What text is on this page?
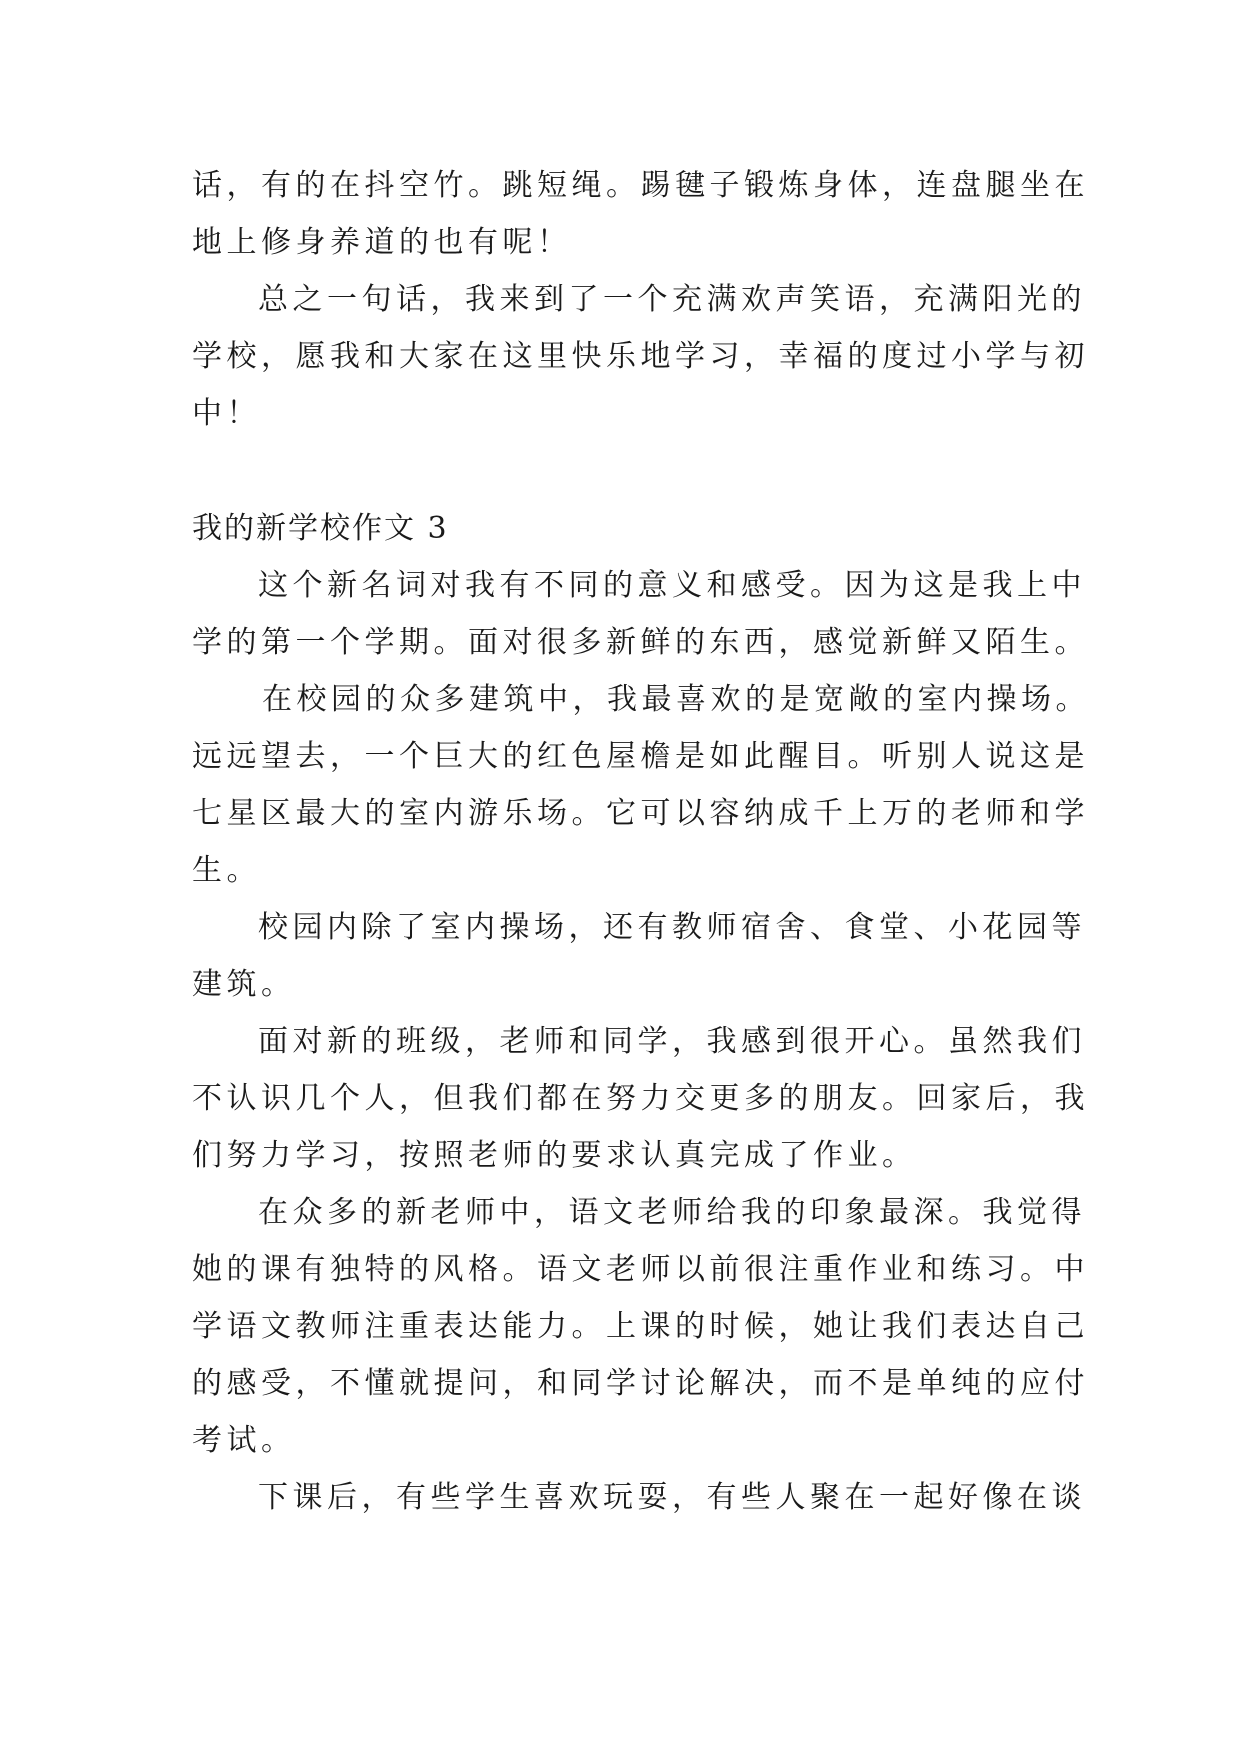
话，有的在抖空竹。跳短绳。踢毽子锻炼身体，连盘腿坐在
地上修身养道的也有呢！
总之一句话，我来到了一个充满欢声笑语，充满阳光的
学校，愿我和大家在这里快乐地学习，幸福的度过小学与初
中！
我的新学校作文 3
这个新名词对我有不同的意义和感受。因为这是我上中
学的第一个学期。面对很多新鲜的东西，感觉新鲜又陌生。
在校园的众多建筑中，我最喜欢的是宽敞的室内操场。
远远望去，一个巨大的红色屋檐是如此醒目。听别人说这是
七星区最大的室内游乐场。它可以容纳成千上万的老师和学
生。
校园内除了室内操场，还有教师宿舍、食堂、小花园等
建筑。
面对新的班级，老师和同学，我感到很开心。虽然我们
不认识几个人，但我们都在努力交更多的朋友。回家后，我
们努力学习，按照老师的要求认真完成了作业。
在众多的新老师中，语文老师给我的印象最深。我觉得
她的课有独特的风格。语文老师以前很注重作业和练习。中
学语文教师注重表达能力。上课的时候，她让我们表达自己
的感受，不懂就提问，和同学讨论解决，而不是单纯的应付
考试。
下课后，有些学生喜欢玩耍，有些人聚在一起好像在谈
